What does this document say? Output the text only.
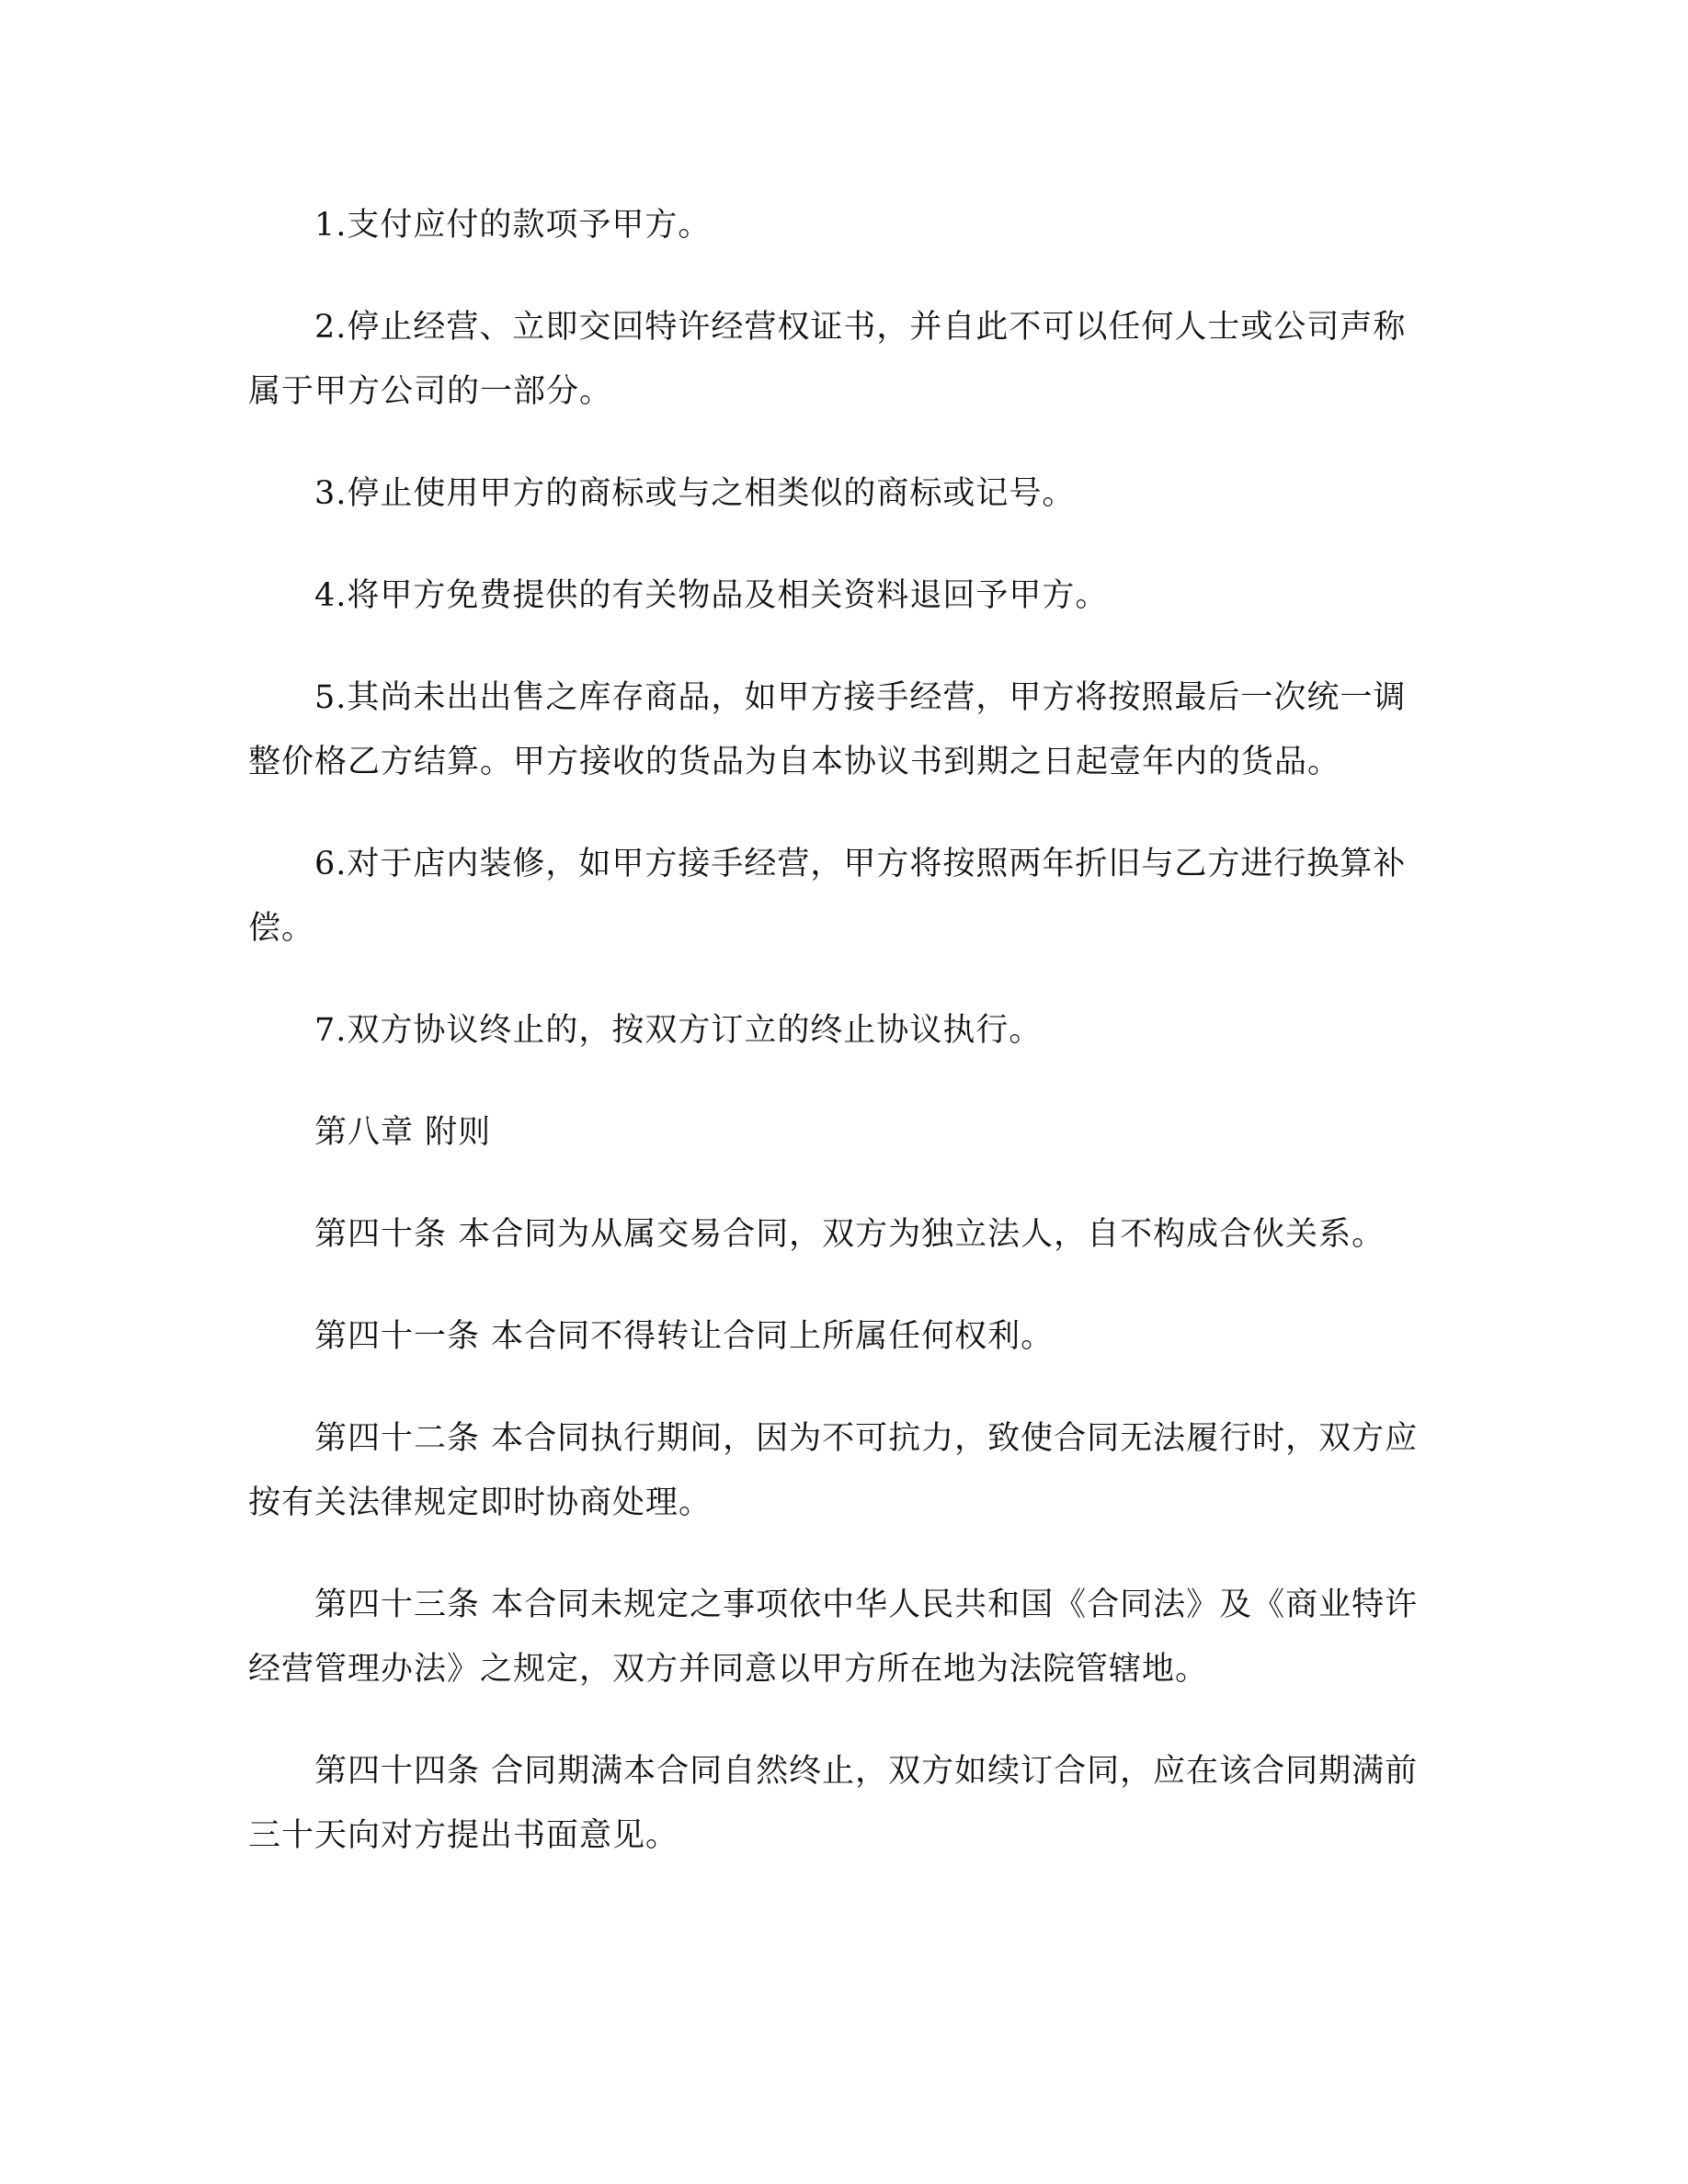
1.支付应付的款项予甲方。

2.停止经营、立即交回特许经营权证书，并自此不可以任何人士或公司声称属于甲方公司的一部分。

3.停止使用甲方的商标或与之相类似的商标或记号。

4.将甲方免费提供的有关物品及相关资料退回予甲方。

5.其尚未出出售之库存商品，如甲方接手经营，甲方将按照最后一次统一调整价格乙方结算。甲方接收的货品为自本协议书到期之日起壹年内的货品。

6.对于店内装修，如甲方接手经营，甲方将按照两年折旧与乙方进行换算补偿。

7.双方协议终止的，按双方订立的终止协议执行。

第八章 附则

第四十条 本合同为从属交易合同，双方为独立法人，自不构成合伙关系。

第四十一条 本合同不得转让合同上所属任何权利。

第四十二条 本合同执行期间，因为不可抗力，致使合同无法履行时，双方应按有关法律规定即时协商处理。

第四十三条 本合同未规定之事项依中华人民共和国《合同法》及《商业特许经营管理办法》之规定，双方并同意以甲方所在地为法院管辖地。

第四十四条 合同期满本合同自然终止，双方如续订合同，应在该合同期满前三十天向对方提出书面意见。
